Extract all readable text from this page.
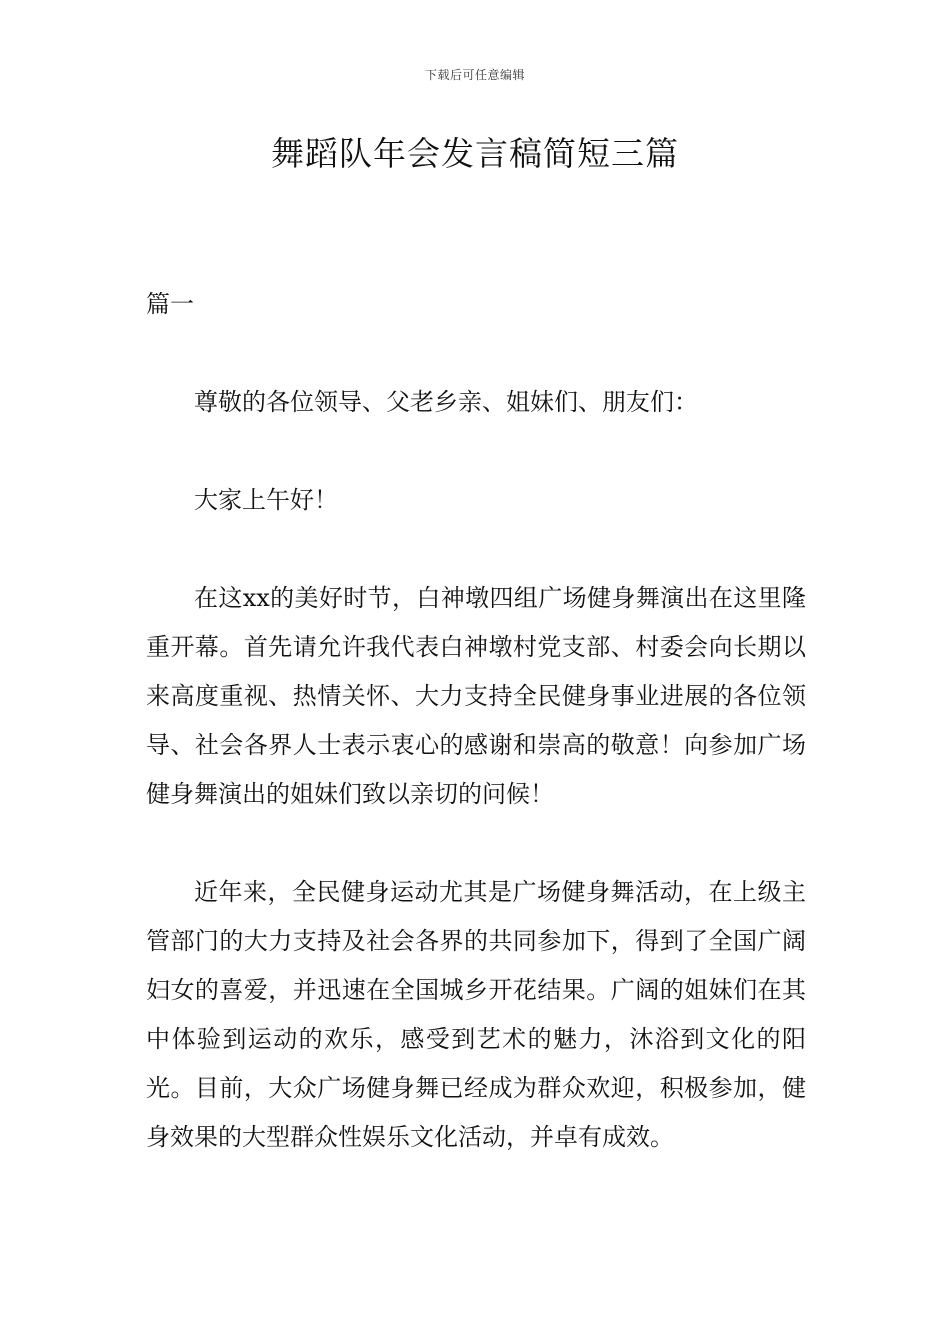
下载后可任意编辑
舞蹈队年会发言稿简短三篇
篇一

尊敬的各位领导、父老乡亲、姐妹们、朋友们：

大家上午好！

在这xx的美好时节，白神墩四组广场健身舞演出在这里隆重开幕。首先请允许我代表白神墩村党支部、村委会向长期以来高度重视、热情关怀、大力支持全民健身事业进展的各位领导、社会各界人士表示衷心的感谢和崇高的敬意！向参加广场健身舞演出的姐妹们致以亲切的问候！

近年来，全民健身运动尤其是广场健身舞活动，在上级主管部门的大力支持及社会各界的共同参加下，得到了全国广阔妇女的喜爱，并迅速在全国城乡开花结果。广阔的姐妹们在其中体验到运动的欢乐，感受到艺术的魅力，沐浴到文化的阳光。目前，大众广场健身舞已经成为群众欢迎，积极参加，健身效果的大型群众性娱乐文化活动，并卓有成效。
